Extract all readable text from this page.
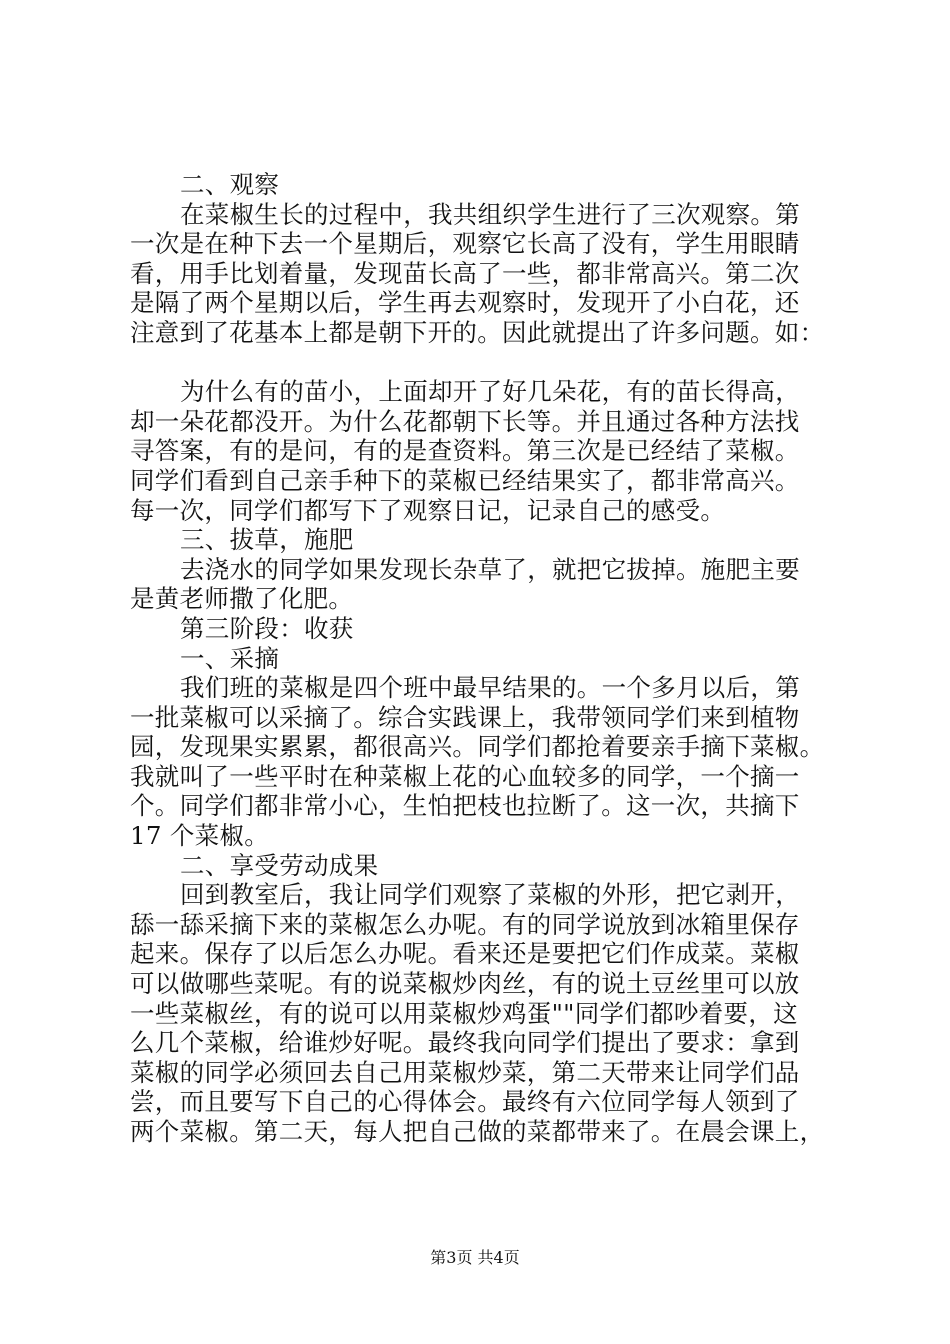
二、观察
在菜椒生长的过程中，我共组织学生进行了三次观察。第
一次是在种下去一个星期后，观察它长高了没有，学生用眼睛
看，用手比划着量，发现苗长高了一些，都非常高兴。第二次
是隔了两个星期以后，学生再去观察时，发现开了小白花，还
注意到了花基本上都是朝下开的。因此就提出了许多问题。如：
为什么有的苗小，上面却开了好几朵花，有的苗长得高，
却一朵花都没开。为什么花都朝下长等。并且通过各种方法找
寻答案，有的是问，有的是查资料。第三次是已经结了菜椒。
同学们看到自己亲手种下的菜椒已经结果实了，都非常高兴。
每一次，同学们都写下了观察日记，记录自己的感受。
三、拔草，施肥
去浇水的同学如果发现长杂草了，就把它拔掉。施肥主要
是黄老师撒了化肥。
第三阶段：收获
一、采摘
我们班的菜椒是四个班中最早结果的。一个多月以后，第
一批菜椒可以采摘了。综合实践课上，我带领同学们来到植物
园，发现果实累累，都很高兴。同学们都抢着要亲手摘下菜椒。
我就叫了一些平时在种菜椒上花的心血较多的同学，一个摘一
个。同学们都非常小心，生怕把枝也拉断了。这一次，共摘下
17 个菜椒。
二、享受劳动成果
回到教室后，我让同学们观察了菜椒的外形，把它剥开，
舔一舔采摘下来的菜椒怎么办呢。有的同学说放到冰箱里保存
起来。保存了以后怎么办呢。看来还是要把它们作成菜。菜椒
可以做哪些菜呢。有的说菜椒炒肉丝，有的说土豆丝里可以放
一些菜椒丝，有的说可以用菜椒炒鸡蛋""同学们都吵着要，这
么几个菜椒，给谁炒好呢。最终我向同学们提出了要求：拿到
菜椒的同学必须回去自己用菜椒炒菜，第二天带来让同学们品
尝，而且要写下自己的心得体会。最终有六位同学每人领到了
两个菜椒。第二天，每人把自己做的菜都带来了。在晨会课上，
第3页 共4页
